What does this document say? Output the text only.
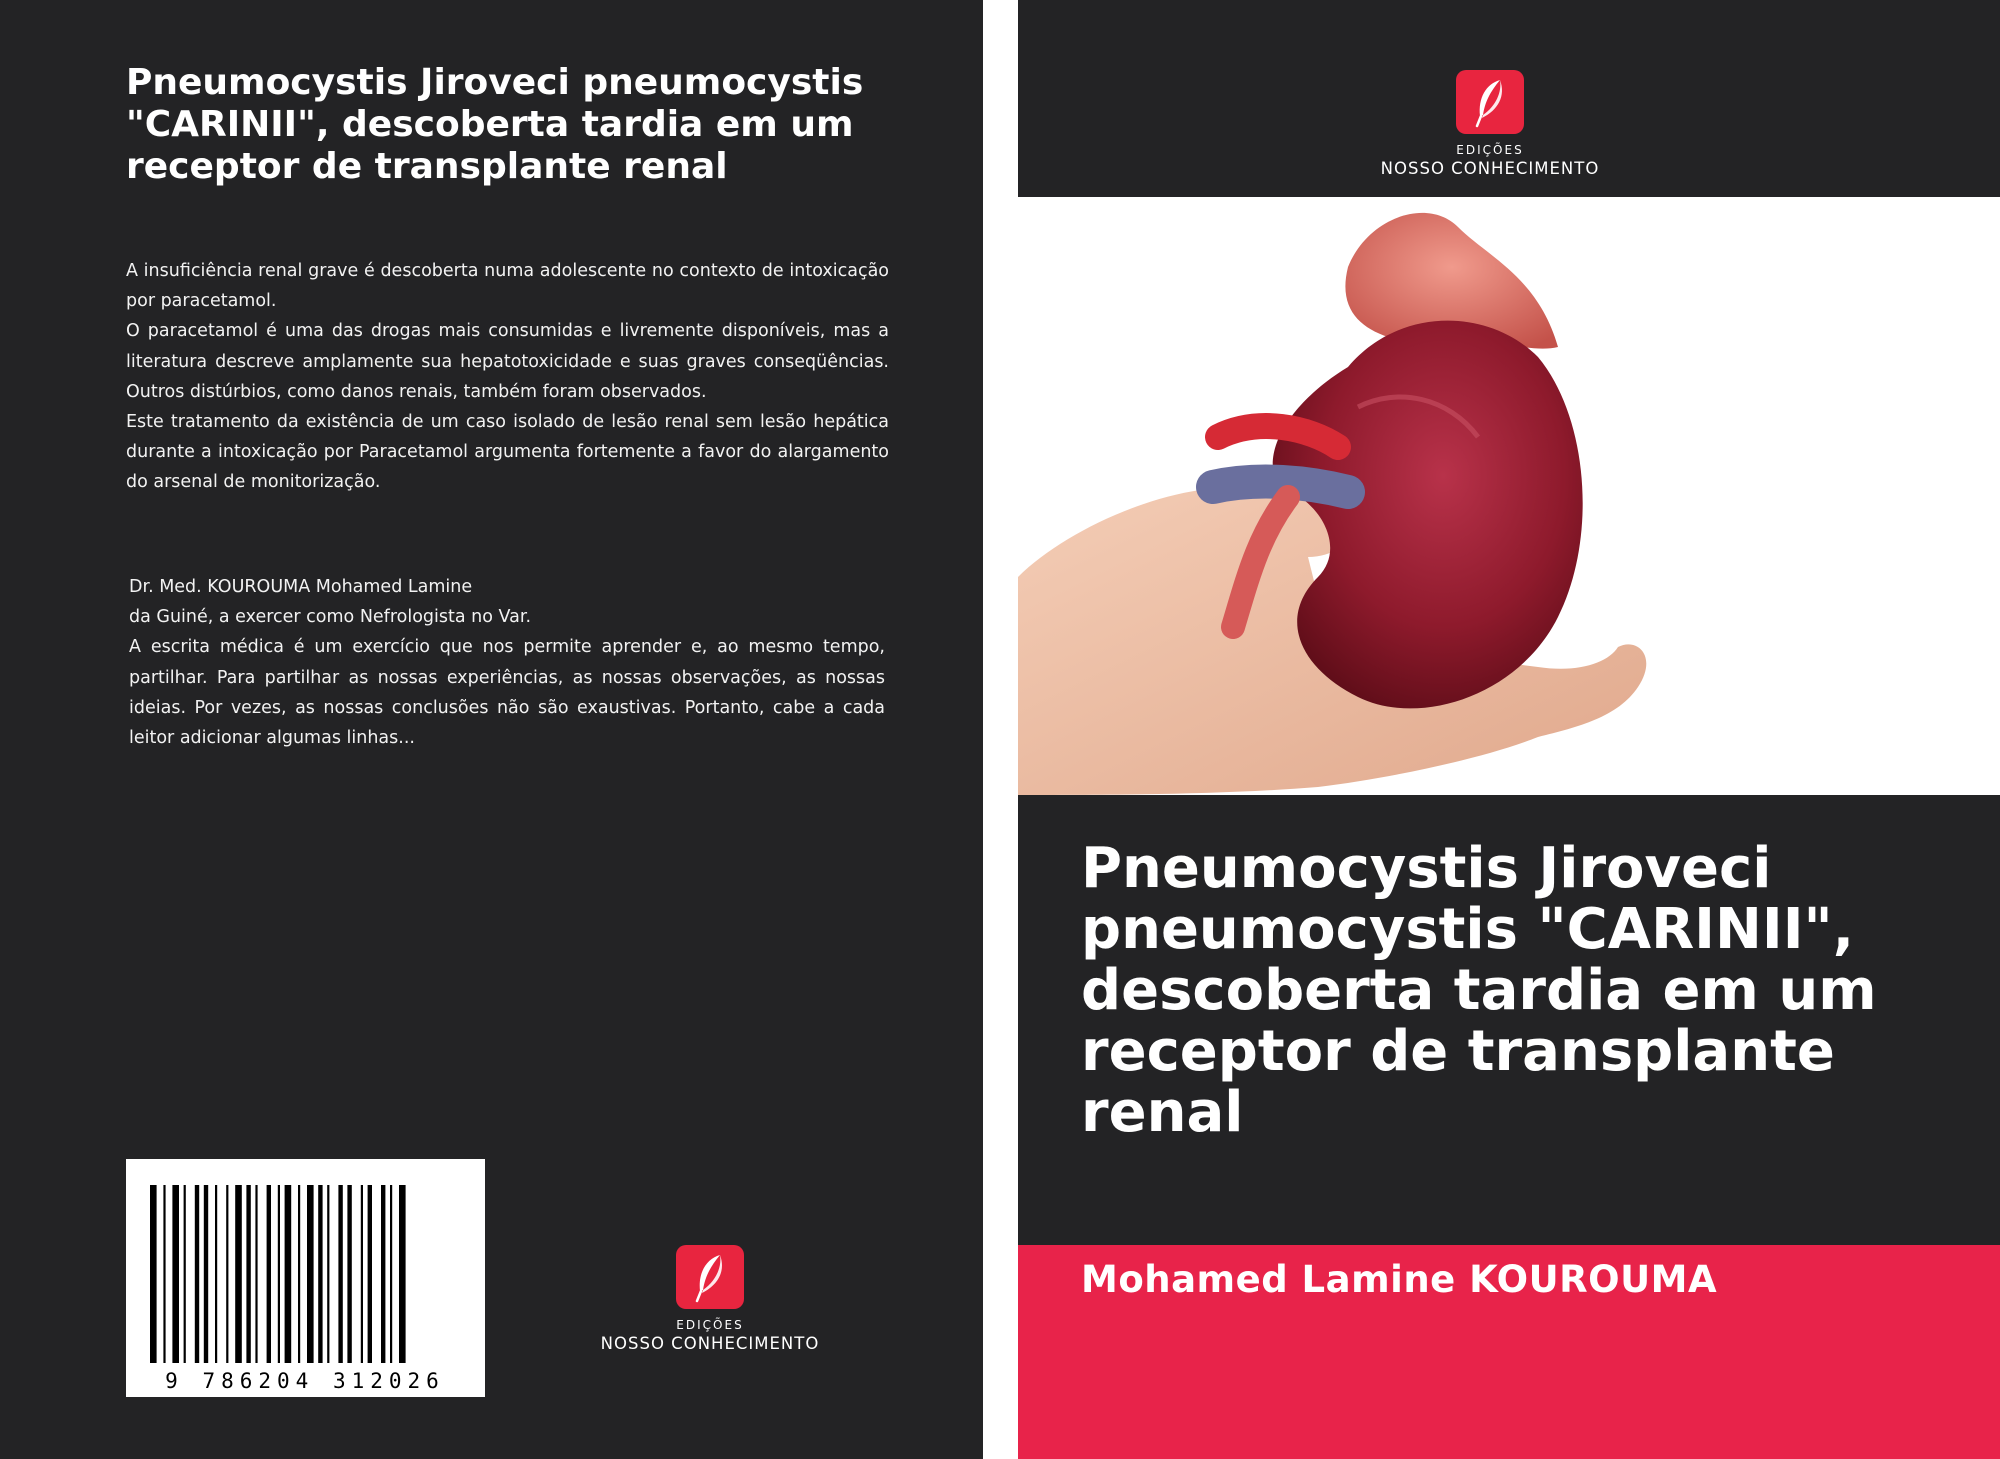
Pneumocystis Jiroveci pneumocystis "CARINII", descoberta tardia em um receptor de transplante renal

A insuficiência renal grave é descoberta numa adolescente no contexto de intoxicação por paracetamol.

O paracetamol é uma das drogas mais consumidas e livremente disponíveis, mas a literatura descreve amplamente sua hepatotoxicidade e suas graves conseqüências. Outros distúrbios, como danos renais, também foram observados.

Este tratamento da existência de um caso isolado de lesão renal sem lesão hepática durante a intoxicação por Paracetamol argumenta fortemente a favor do alargamento do arsenal de monitorização.

Dr. Med. KOUROUMA Mohamed Lamine

da Guiné, a exercer como Nefrologista no Var.

A escrita médica é um exercício que nos permite aprender e, ao mesmo tempo, partilhar. Para partilhar as nossas experiências, as nossas observações, as nossas ideias. Por vezes, as nossas conclusões não são exaustivas. Portanto, cabe a cada leitor adicionar algumas linhas...

9 786204 312026
EDIÇÕES
NOSSO CONHECIMENTO
EDIÇÕES
NOSSO CONHECIMENTO
Pneumocystis Jiroveci pneumocystis "CARINII", descoberta tardia em um receptor de transplante renal
Mohamed Lamine KOUROUMA
